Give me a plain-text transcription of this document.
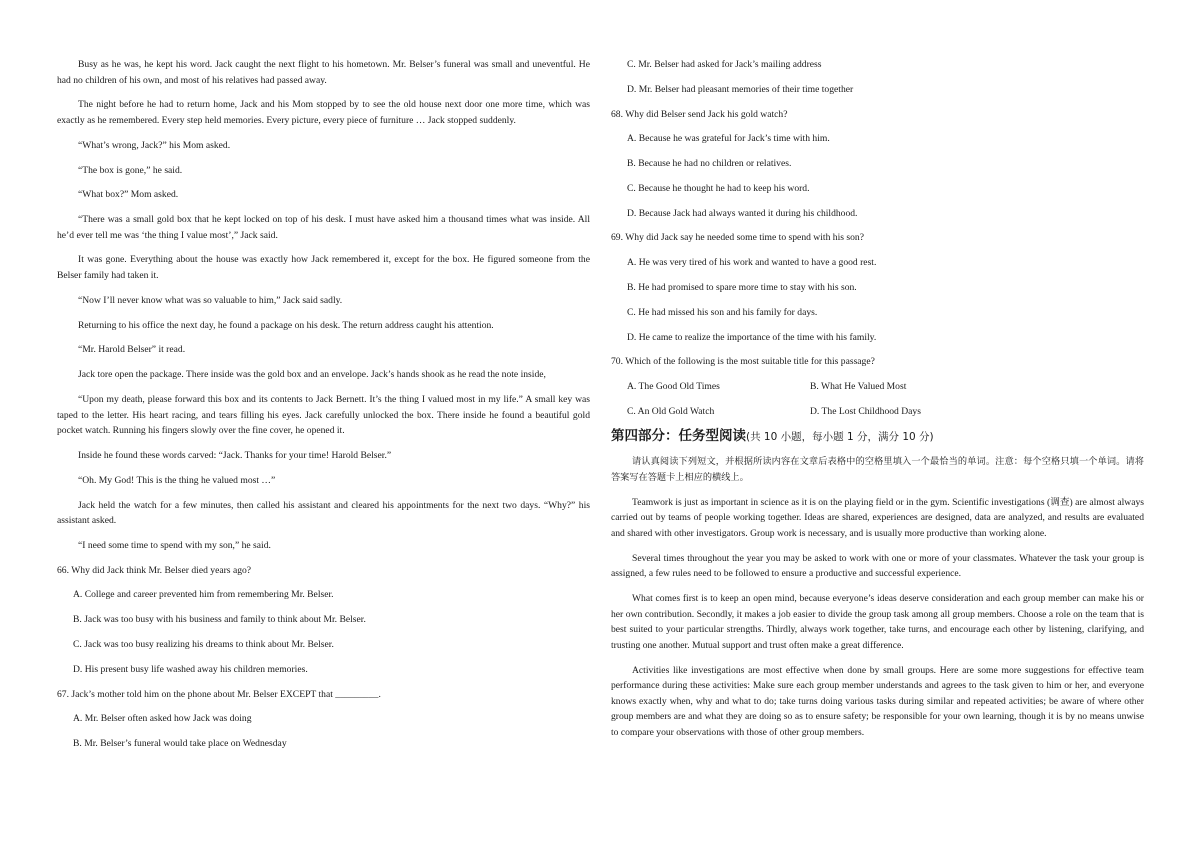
Busy as he was, he kept his word. Jack caught the next flight to his hometown. Mr. Belser’s funeral was small and uneventful. He had no children of his own, and most of his relatives had passed away.

The night before he had to return home, Jack and his Mom stopped by to see the old house next door one more time, which was exactly as he remembered. Every step held memories. Every picture, every piece of furniture … Jack stopped suddenly.

“What’s wrong, Jack?” his Mom asked.

“The box is gone,” he said.

“What box?” Mom asked.

“There was a small gold box that he kept locked on top of his desk. I must have asked him a thousand times what was inside. All he’d ever tell me was ‘the thing I value most’,” Jack said.

It was gone. Everything about the house was exactly how Jack remembered it, except for the box. He figured someone from the Belser family had taken it.

“Now I’ll never know what was so valuable to him,” Jack said sadly.

Returning to his office the next day, he found a package on his desk. The return address caught his attention.

“Mr. Harold Belser” it read.

Jack tore open the package. There inside was the gold box and an envelope. Jack’s hands shook as he read the note inside,

“Upon my death, please forward this box and its contents to Jack Bernett. It’s the thing I valued most in my life.” A small key was taped to the letter. His heart racing, and tears filling his eyes. Jack carefully unlocked the box. There inside he found a beautiful gold pocket watch. Running his fingers slowly over the fine cover, he opened it.

Inside he found these words carved: “Jack. Thanks for your time! Harold Belser.”

“Oh. My God! This is the thing he valued most …”

Jack held the watch for a few minutes, then called his assistant and cleared his appointments for the next two days. “Why?” his assistant asked.

“I need some time to spend with my son,” he said.

66. Why did Jack think Mr. Belser died years ago?
A. College and career prevented him from remembering Mr. Belser.
B. Jack was too busy with his business and family to think about Mr. Belser.
C. Jack was too busy realizing his dreams to think about Mr. Belser.
D. His present busy life washed away his children memories.
67. Jack’s mother told him on the phone about Mr. Belser EXCEPT that _________.
A. Mr. Belser often asked how Jack was doing
B. Mr. Belser’s funeral would take place on Wednesday
C. Mr. Belser had asked for Jack’s mailing address
D. Mr. Belser had pleasant memories of their time together
68. Why did Belser send Jack his gold watch?
A. Because he was grateful for Jack’s time with him.
B. Because he had no children or relatives.
C. Because he thought he had to keep his word.
D. Because Jack had always wanted it during his childhood.
69. Why did Jack say he needed some time to spend with his son?
A. He was very tired of his work and wanted to have a good rest.
B. He had promised to spare more time to stay with his son.
C. He had missed his son and his family for days.
D. He came to realize the importance of the time with his family.
70. Which of the following is the most suitable title for this passage?
A. The Good Old Times	B. What He Valued Most
C. An Old Gold Watch	D. The Lost Childhood Days
第四部分：任务型阅读(共 10 小题，每小题 1 分，满分 10 分)

请认真阅读下列短文，并根据所读内容在文章后表格中的空格里填入一个最恰当的单词。注意：每个空格只填一个单词。请将答案写在答题卡上相应的横线上。

Teamwork is just as important in science as it is on the playing field or in the gym. Scientific investigations (调查) are almost always carried out by teams of people working together. Ideas are shared, experiences are designed, data are analyzed, and results are evaluated and shared with other investigators. Group work is necessary, and is usually more productive than working alone.

Several times throughout the year you may be asked to work with one or more of your classmates. Whatever the task your group is assigned, a few rules need to be followed to ensure a productive and successful experience.

What comes first is to keep an open mind, because everyone’s ideas deserve consideration and each group member can make his or her own contribution. Secondly, it makes a job easier to divide the group task among all group members. Choose a role on the team that is best suited to your particular strengths. Thirdly, always work together, take turns, and encourage each other by listening, clarifying, and trusting one another. Mutual support and trust often make a great difference.

Activities like investigations are most effective when done by small groups. Here are some more suggestions for effective team performance during these activities: Make sure each group member understands and agrees to the task given to him or her, and everyone knows exactly when, why and what to do; take turns doing various tasks during similar and repeated activities; be aware of where other group members are and what they are doing so as to ensure safety; be responsible for your own learning, though it is by no means unwise to compare your observations with those of other group members.
